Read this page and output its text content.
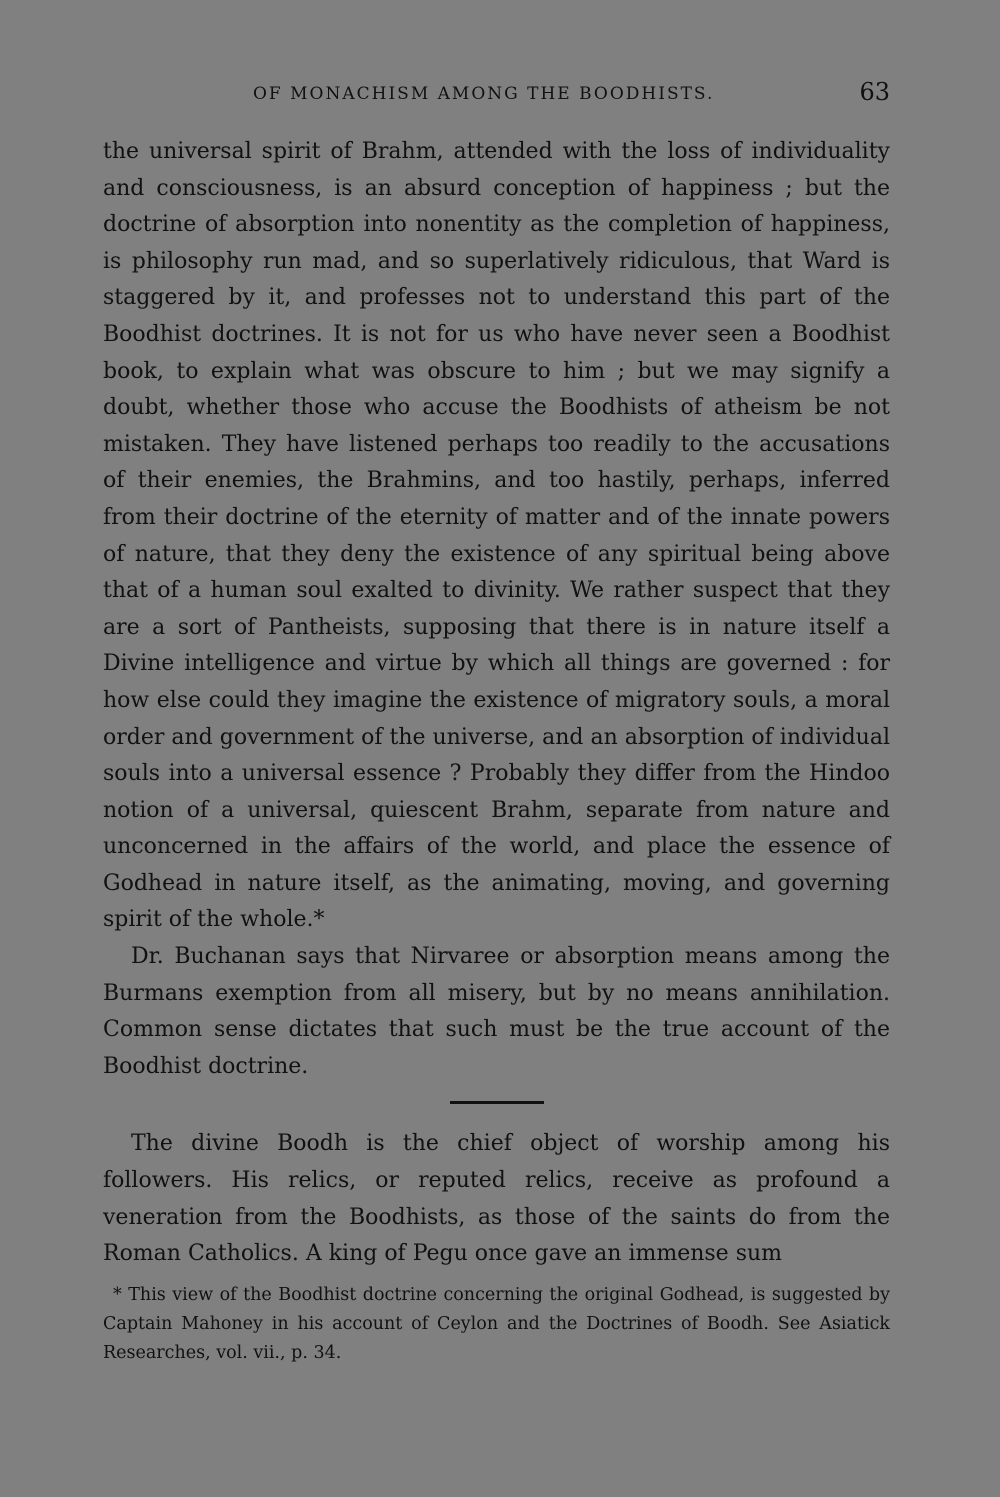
OF MONACHISM AMONG THE BOODHISTS.	63

the universal spirit of Brahm, attended with the loss of individuality and consciousness, is an absurd conception of happiness ; but the doctrine of absorption into nonentity as the completion of happiness, is philosophy run mad, and so superlatively ridiculous, that Ward is staggered by it, and professes not to understand this part of the Boodhist doctrines. It is not for us who have never seen a Boodhist book, to explain what was obscure to him ; but we may signify a doubt, whether those who accuse the Boodhists of atheism be not mistaken. They have listened perhaps too readily to the accusations of their enemies, the Brahmins, and too hastily, perhaps, inferred from their doctrine of the eternity of matter and of the innate powers of nature, that they deny the existence of any spiritual being above that of a human soul exalted to divinity. We rather suspect that they are a sort of Pantheists, supposing that there is in nature itself a Divine intelligence and virtue by which all things are governed : for how else could they imagine the existence of migratory souls, a moral order and government of the universe, and an absorption of individual souls into a universal essence ? Probably they differ from the Hindoo notion of a universal, quiescent Brahm, separate from nature and unconcerned in the affairs of the world, and place the essence of Godhead in nature itself, as the animating, moving, and governing spirit of the whole.*

Dr. Buchanan says that Nirvaree or absorption means among the Burmans exemption from all misery, but by no means annihilation. Common sense dictates that such must be the true account of the Boodhist doctrine.

The divine Boodh is the chief object of worship among his followers. His relics, or reputed relics, receive as profound a veneration from the Boodhists, as those of the saints do from the Roman Catholics. A king of Pegu once gave an immense sum

* This view of the Boodhist doctrine concerning the original Godhead, is suggested by Captain Mahoney in his account of Ceylon and the Doctrines of Boodh. See Asiatick Researches, vol. vii., p. 34.
